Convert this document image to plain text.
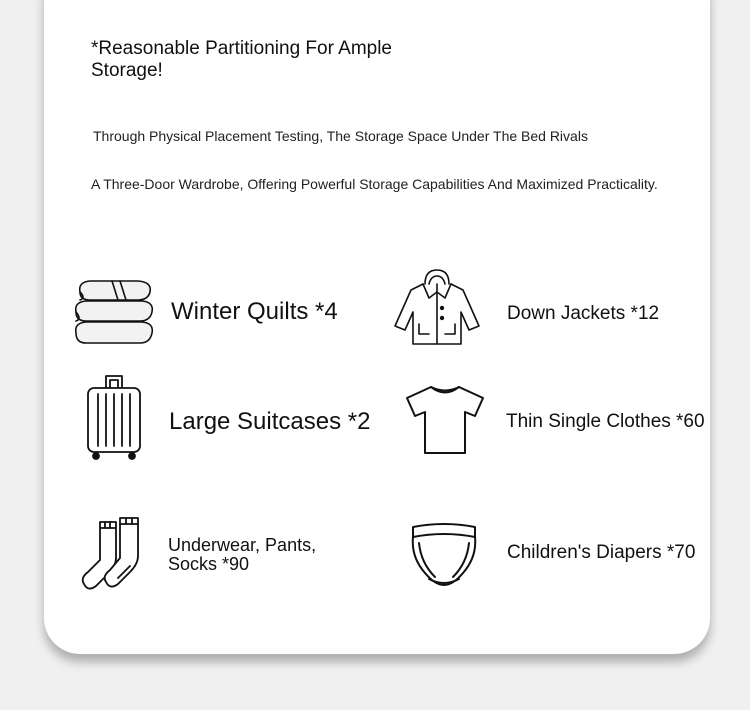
*Reasonable Partitioning For Ample Storage!
Through Physical Placement Testing, The Storage Space Under The Bed Rivals
A Three-Door Wardrobe, Offering Powerful Storage Capabilities And Maximized Practicality.
Winter Quilts *4	Down Jackets *12
Large Suitcases *2	Thin Single Clothes *60
Underwear, Pants, Socks *90
Children's Diapers *70
